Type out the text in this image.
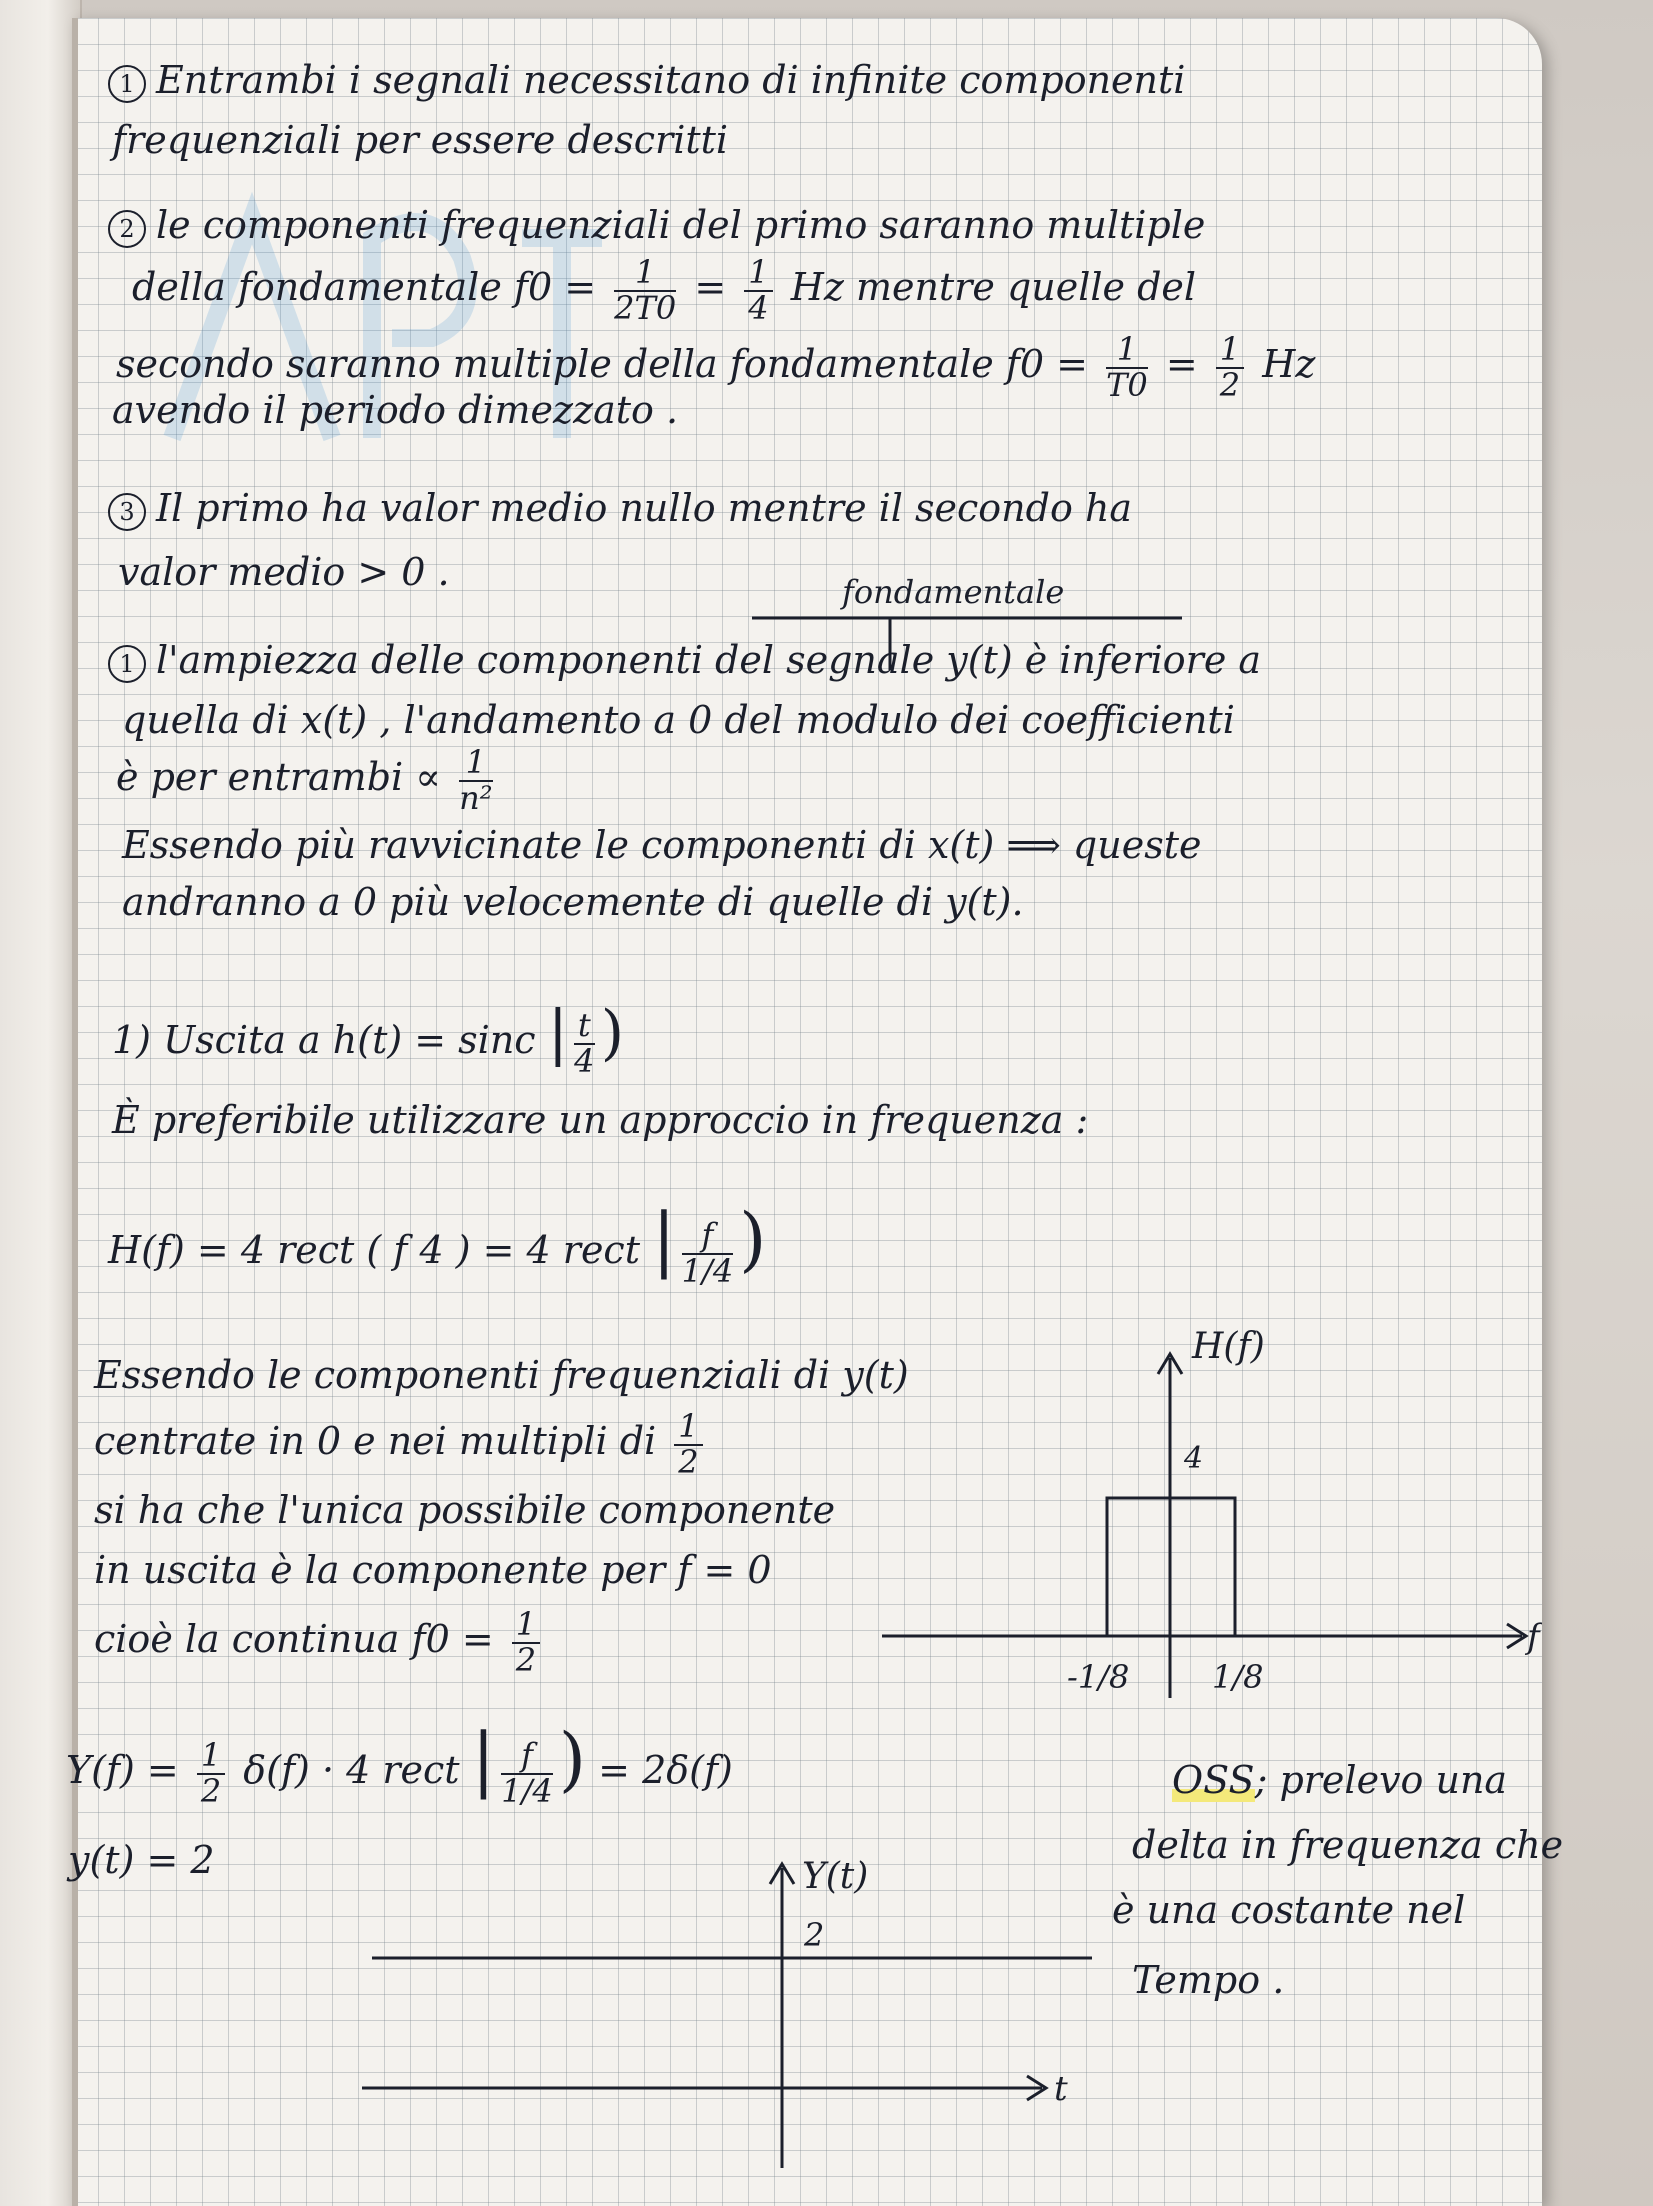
1 Entrambi i segnali necessitano di infinite componenti
frequenziali per essere descritti
2 le componenti frequenziali del primo saranno multiple
della fondamentale $f0 = \frac{1}{2T0} = \frac{1}{4}$ Hz mentre quelle del
secondo saranno multiple della fondamentale $f0 = \frac{1}{T0} = \frac{1}{2}$ Hz
avendo il periodo dimezzato .
3 Il primo ha valor medio nullo mentre il secondo ha
valor medio > 0 .	fondamentale
1 l'ampiezza delle componenti del segnale y(t) è inferiore a
quella di x(t) , l'andamento a 0 del modulo dei coefficienti
è per entrambi ∝ $\frac{1}{\text{n²}}$
Essendo più ravvicinate le componenti di x(t) ⟹ queste
andranno a 0 più velocemente di quelle di y(t).
1) Uscita a h(t) = sinc | $\frac{t}{4}$ )
È preferibile utilizzare un approccio in frequenza :
H(f) = 4 rect ( f 4 ) = 4 rect | $\frac{f}{1/4}$ )
Essendo le componenti frequenziali di y(t)
centrate in 0 e nei multipli di $\frac{1}{2}$
si ha che l'unica possibile componente
in uscita è la componente per f = 0
cioè la continua $f0 = \frac{1}{2}$
H(f)
f
4
-1/8	1/8
$Y(f) = \frac{1}{2} \delta(f) \cdot 4$ rect | $\frac{f}{1/4}$ ) = 2δ(f)
y(t) = 2
OSS; prelevo una
delta in frequenza che
è una costante nel
Tempo .
Y(t)
t
2
